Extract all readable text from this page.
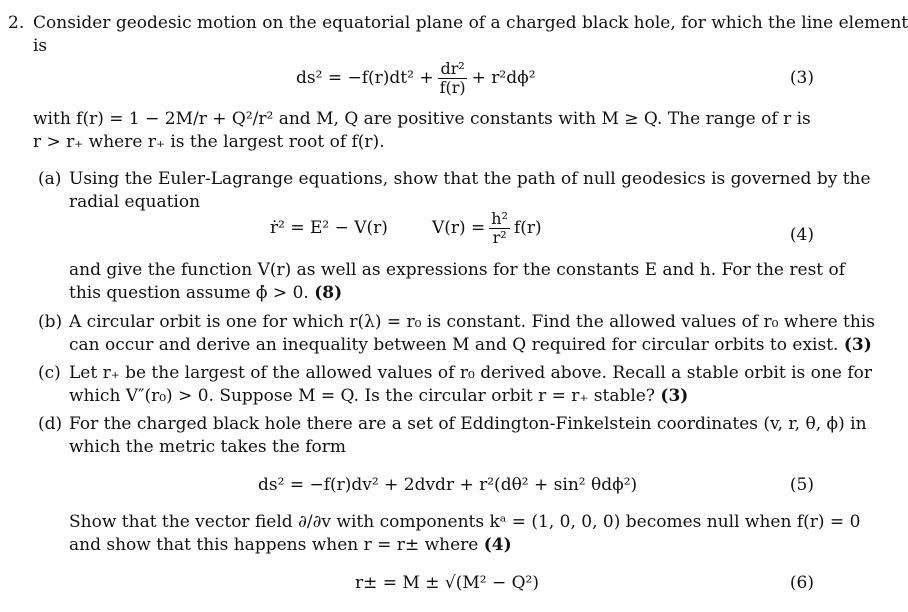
2. Consider geodesic motion on the equatorial plane of a charged black hole, for which the line element
is
$ds^2 = -f(r)dt^2 + \frac{\text{dr²}}{f(r)} + r^2d\phi^2$	(3)
with f(r) = 1 − 2M/r + Q²/r² and M, Q are positive constants with M ≥ Q. The range of r is
r > r₊ where r₊ is the largest root of f(r).
(a) Using the Euler-Lagrange equations, show that the path of null geodesics is governed by the
radial equation
ṙ² = E² − V(r)	$V(r) = \frac{\text{h²}}{\text{r²}} f(r)$	(4)
and give the function V(r) as well as expressions for the constants E and h. For the rest of
this question assume ϕ̇ > 0. (8)
(b) A circular orbit is one for which r(λ) = r₀ is constant. Find the allowed values of r₀ where this
can occur and derive an inequality between M and Q required for circular orbits to exist. (3)
(c) Let r₊ be the largest of the allowed values of r₀ derived above. Recall a stable orbit is one for
which V″(r₀) > 0. Suppose M = Q. Is the circular orbit r = r₊ stable? (3)
(d) For the charged black hole there are a set of Eddington-Finkelstein coordinates (v, r, θ, ϕ) in
which the metric takes the form
ds² = −f(r)dv² + 2dvdr + r²(dθ² + sin² θdϕ²)	(5)
Show that the vector field ∂/∂v with components kᵃ = (1, 0, 0, 0) becomes null when f(r) = 0
and show that this happens when r = r± where (4)
r± = M ± √(M² − Q²)	(6)
